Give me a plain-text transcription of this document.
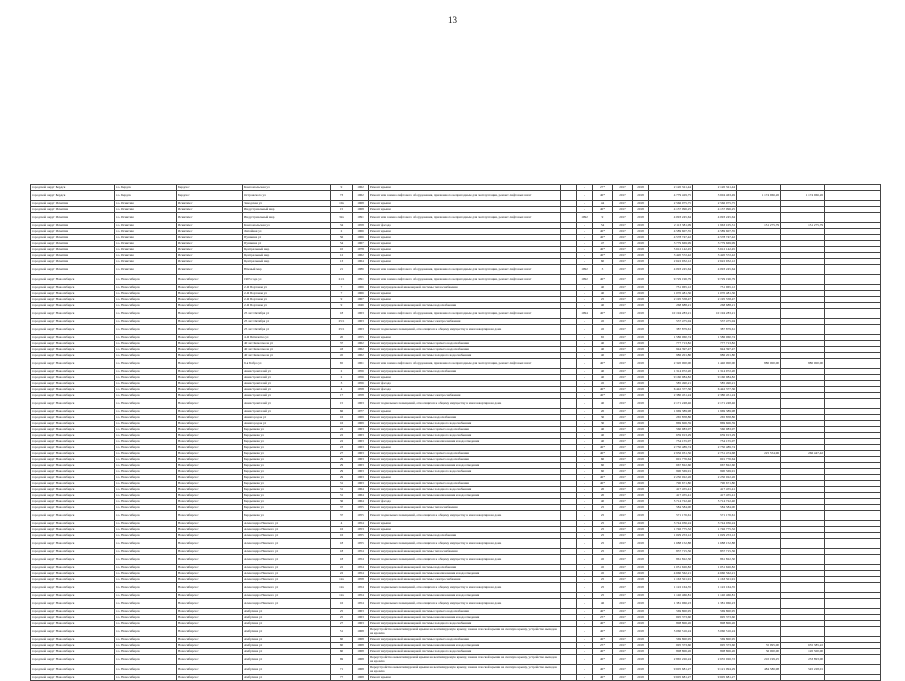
13
городской округ Бердск	г.о. Бердск	Бердск г	Комсомольская ул	9	1962	Ремонт крыши		-	27*	2017	2018	2 120 321,44	2 120 321,44			
городской округ Бердск	г.о. Бердск	Бердск г	Островского ул	73	1962	Ремонт или замена лифтового оборудования, признанного непригодным для эксплуатации, ремонт лифтовых шахт		-	40*	2017	2018	4 779 429,75	3 604 463,49	1 174 966,26	1 174 966,26	
городской округ Искитим	г.о. Искитим	Искитим г	Заводская ул	10a	1968	Ремонт крыши		-	44	2017	2018	2 566 075,75	2 566 075,75			
городской округ Искитим	г.о. Искитим	Искитим г	Индустриальный мкр	15	1968	Ремонт крыши		-	40*	2017	2018	4 137 096,25	4 137 096,25			
городской округ Искитим	г.о. Искитим	Искитим г	Индустриальный мкр	32a	1991	Ремонт или замена лифтового оборудования, признанного непригодным для эксплуатации, ремонт лифтовых шахт		1992	9	2017	2018	4 093 245,64	4 093 245,64			
городской округ Искитим	г.о. Искитим	Искитим г	Комсомольская ул	34	1958	Ремонт фасада		-	54	2017	2018	2 113 381,09	1 963 105,31	151 275,79	151 275,79	
городской округ Искитим	г.о. Искитим	Искитим г	Литейная ул	2	1966	Ремонт крыши		-	40*	2017	2018	4 589 607,35	4 589 607,35			
городской округ Искитим	г.о. Искитим	Искитим г	Пушкина ул	56	1966	Ремонт крыши		-	40*	2017	2018	4 578 747,42	4 578 747,42			
городской округ Искитим	г.о. Искитим	Искитим г	Пушкина ул	54	1967	Ремонт крыши		-	47	2017	2018	3 779 669,99	3 779 669,99			
городской округ Искитим	г.о. Искитим	Искитим г	Центральный мкр	10	1978	Ремонт крыши		-	40*	2017	2018	5 612 142,45	5 612 142,45			
городской округ Искитим	г.о. Искитим	Искитим г	Центральный мкр	12	1962	Ремонт крыши		-	40*	2017	2018	3 420 572,42	3 420 572,42			
городской округ Искитим	г.о. Искитим	Искитим г	Центральный мкр	13	1964	Ремонт крыши		-	60	2017	2018	2 622 932,12	2 622 932,12			
городской округ Искитим	г.о. Искитим	Искитим г	Южный мкр	21	1986	Ремонт или замена лифтового оборудования, признанного непригодным для эксплуатации, ремонт лифтовых шахт		1992	3	2017	2018	4 093 245,64	4 093 245,64			
городской округ Новосибирск	г.о. Новосибирск	Новосибирск г	1905 года ул	21/1	1991	Ремонт или замена лифтового оборудования, признанного непригодным для эксплуатации, ремонт лифтовых шахт		1992	40*	2017	2018	9 729 196,79	9 729 196,79			
городской округ Новосибирск	г.о. Новосибирск	Новосибирск г	2-Я Портовая ул	7	1966	Ремонт внутридомовой инженерной системы теплоснабжения		-	40	2017	2018	751 965,12	751 965,12			
городской округ Новосибирск	г.о. Новосибирск	Новосибирск г	2-Я Портовая ул	7	1966	Ремонт крыши		-	40	2017	2018	1 070 481,36	1 070 481,36			
городской округ Новосибирск	г.о. Новосибирск	Новосибирск г	2-Я Портовая ул	9	1967	Ремонт крыши		-	25	2017	2018	2 195 558,47	2 195 558,47			
городской округ Новосибирск	г.о. Новосибирск	Новосибирск г	2-Я Портовая ул	9	1946	Ремонт внутридомовой инженерной системы водоснабжения		-	40	2017	2018	268 688,21	268 688,21			
городской округ Новосибирск	г.о. Новосибирск	Новосибирск г	25 лет Октября ул	18	1963	Ремонт или замена лифтового оборудования, признанного непригодным для эксплуатации, ремонт лифтовых шахт		1994	40*	2017	2018	10 194 283,21	10 194 283,21			
городской округ Новосибирск	г.о. Новосибирск	Новосибирск г	25 лет Октября ул	25/1	1963	Ремонт внутридомовой инженерной системы электроснабжения		-	45	2017	2018	537 475,04	537 475,04			
городской округ Новосибирск	г.о. Новосибирск	Новосибирск г	25 лет Октября ул	25/1	1963	Ремонт подвальных помещений, относящихся к общему имуществу в многоквартирном доме		-	45	2017	2018	387 879,61	387 879,61			
городской округ Новосибирск	г.о. Новосибирск	Новосибирск г	4-Я Пятилетка ул	20	1955	Ремонт крыши		-	65	2017	2018	1 586 060,74	1 586 060,74			
городской округ Новосибирск	г.о. Новосибирск	Новосибирск г	40 лет Комсомола ул	37	1962	Ремонт внутридомовой инженерной системы горячего водоснабжения		-	40	2017	2018	777 713,82	777 713,82			
городской округ Новосибирск	г.о. Новосибирск	Новосибирск г	40 лет Комсомола ул	43	1962	Ремонт внутридомовой инженерной системы горячего водоснабжения		-	40	2017	2018	944 397,47	944 397,47			
городской округ Новосибирск	г.о. Новосибирск	Новосибирск г	40 лет Комсомола ул	45	1962	Ремонт внутридомовой инженерной системы холодного водоснабжения		-	40	2017	2018	986 201,80	986 201,80			
городской округ Новосибирск	г.о. Новосибирск	Новосибирск г	9-я Бобра ул	65	1961	Ремонт или замена лифтового оборудования, признанного непригодным для эксплуатации, ремонт лифтовых шахт		-	40*	2017	2018	2 320 000,00	1 440 000,00	880 000,00	880 000,00	
городской округ Новосибирск	г.о. Новосибирск	Новосибирск г	Авиастроителей ул	2	1956	Ремонт внутридомовой инженерной системы водоснабжения		-	40	2017	2018	1 314 972,20	1 314 972,20			
городской округ Новосибирск	г.о. Новосибирск	Новосибирск г	Авиастроителей ул	2	1956	Ремонт крыши		-	40	2017	2018	9 160 984,82	9 160 984,82			
городской округ Новосибирск	г.о. Новосибирск	Новосибирск г	Авиастроителей ул	3	1956	Ремонт фасада		-	45	2017	2018	585 490,21	585 490,21			
городской округ Новосибирск	г.о. Новосибирск	Новосибирск г	Авиастроителей ул	4	1958	Ремонт фасада		-	40*	2017	2018	6 442 377,36	6 442 377,36			
городской округ Новосибирск	г.о. Новосибирск	Новосибирск г	Авиастроителей ул	17	1958	Ремонт внутридомовой инженерной системы электроснабжения		-	40*	2017	2018	2 380 451,24	2 380 451,24			
городской округ Новосибирск	г.о. Новосибирск	Новосибирск г	Авиастроителей ул	15	1963	Ремонт подвальных помещений, относящихся к общему имуществу в многоквартирном доме		-	40	2017	2018	2 171 248,46	2 171 248,46			
городской округ Новосибирск	г.о. Новосибирск	Новосибирск г	Авиастроителей ул	66	1977	Ремонт крыши		-	20	2017	2018	1 969 389,98	1 969 389,98			
городской округ Новосибирск	г.о. Новосибирск	Новосибирск г	Авиагородок ул	16	1969	Ремонт внутридомовой инженерной системы водоснабжения		-	30	2017	2018	265 858,86	265 858,86			
городской округ Новосибирск	г.о. Новосибирск	Новосибирск г	Авиагородок ул	16	1969	Ремонт внутридомовой инженерной системы холодного водоснабжения		-	30	2017	2018	869 606,59	869 606,59			
городской округ Новосибирск	г.о. Новосибирск	Новосибирск г	Бердышева ул	22	1963	Ремонт внутридомовой инженерной системы горячего водоснабжения		-	40	2017	2018	560 983,07	560 983,07			
городской округ Новосибирск	г.о. Новосибирск	Новосибирск г	Бердышева ул	22	1963	Ремонт внутридомовой инженерной системы холодного водоснабжения		-	40	2017	2018	659 913,29	659 913,29			
городской округ Новосибирск	г.о. Новосибирск	Новосибирск г	Бердышева ул	22	1963	Ремонт внутридомовой инженерной системы канализования и водоотведения		-	40	2017	2018	754 155,07	754 155,07			
городской округ Новосибирск	г.о. Новосибирск	Новосибирск г	Бердышева ул	23	1963	Ремонт крыши		-	40*	2017	2018	2 750 489,74	2 750 489,74			
городской округ Новосибирск	г.о. Новосибирск	Новосибирск г	Бердышева ул	27	1963	Ремонт внутридомовой инженерной системы горячего водоснабжения		-	40*	2017	2018	2 956 031,56	2 731 474,68	225 554,96	266 447,42	
городской округ Новосибирск	г.о. Новосибирск	Новосибирск г	Бердышева ул	29	1963	Ремонт внутридомовой инженерной системы горячего водоснабжения		-	60	2017	2018	601 776,64	601 776,64			
городской округ Новосибирск	г.о. Новосибирск	Новосибирск г	Бердышева ул	29	1963	Ремонт внутридомовой инженерной системы канализования и водоотведения		-	60	2017	2018	667 822,60	667 822,60			
городской округ Новосибирск	г.о. Новосибирск	Новосибирск г	Бердышева ул	29	1963	Ремонт внутридомовой инженерной системы холодного водоснабжения		-	60	2017	2018	990 569,91	990 569,91			
городской округ Новосибирск	г.о. Новосибирск	Новосибирск г	Бердышева ул	29	1963	Ремонт крыши		-	40*	2017	2018	2 250 022,26	2 250 022,26			
городской округ Новосибирск	г.о. Новосибирск	Новосибирск г	Бердышева ул	31	1963	Ремонт внутридомовой инженерной системы горячего водоснабжения		-	40*	2017	2018	790 671,80	790 671,80			
городской округ Новосибирск	г.о. Новосибирск	Новосибирск г	Бердышева ул	31	1964	Ремонт внутридомовой инженерной системы холодного водоснабжения		-	20	2017	2018	417 455,41	417 455,41			
городской округ Новосибирск	г.о. Новосибирск	Новосибирск г	Бердышева ул	31	1964	Ремонт внутридомовой инженерной системы канализования и водоотведения		-	20	2017	2018	417 455,41	417 455,41			
городской округ Новосибирск	г.о. Новосибирск	Новосибирск г	Бердышева ул	36	1964	Ремонт фасада		-	40	2017	2018	5 714 722,40	5 714 722,40			
городской округ Новосибирск	г.о. Новосибирск	Новосибирск г	Бердышева ул	37	1955	Ремонт внутридомовой инженерной системы теплоснабжения		-	25	2017	2018	584 584,00	584 584,00			
городской округ Новосибирск	г.о. Новосибирск	Новосибирск г	Бердышева ул	37	1955	Ремонт подвальных помещений, относящихся к общему имуществу в многоквартирном доме		-	25	2017	2018	571 176,61	571 176,61			
городской округ Новосибирск	г.о. Новосибирск	Новосибирск г	Александра Невского ул	4	1954	Ремонт крыши		-	25	2017	2018	3 744 036,24	3 744 036,24			
городской округ Новосибирск	г.о. Новосибирск	Новосибирск г	Александра Невского ул	16	1953	Ремонт крыши		-	25	2017	2018	1 746 775,32	1 746 775,32			
городской округ Новосибирск	г.о. Новосибирск	Новосибирск г	Александра Невского ул	16	1955	Ремонт внутридомовой инженерной системы водоснабжения		-	25	2017	2018	1 029 253,12	1 029 253,12			
городской округ Новосибирск	г.о. Новосибирск	Новосибирск г	Александра Невского ул	18	1955	Ремонт подвальных помещений, относящихся к общему имуществу в многоквартирном доме		-	25	2017	2018	1 688 152,88	1 688 152,88			
городской округ Новосибирск	г.о. Новосибирск	Новосибирск г	Александра Невского ул	18	1954	Ремонт внутридомовой инженерной системы теплоснабжения		-	25	2017	2018	837 715,56	837 715,56			
городской округ Новосибирск	г.о. Новосибирск	Новосибирск г	Александра Невского ул	18	1954	Ремонт подвальных помещений, относящихся к общему имуществу в многоквартирном доме		-	45	2017	2018	861 822,50	861 822,50			
городской округ Новосибирск	г.о. Новосибирск	Новосибирск г	Александра Невского ул	22	1954	Ремонт внутридомовой инженерной системы водоснабжения		-	45	2017	2018	1 051 626,82	1 051 626,82			
городской округ Новосибирск	г.о. Новосибирск	Новосибирск г	Александра Невского ул	22	1954	Ремонт внутридомовой инженерной системы канализования и водоотведения		-	45	2017	2018	4 660 562,21	4 660 562,21			
городской округ Новосибирск	г.о. Новосибирск	Новосибирск г	Александра Невского ул	12a	1958	Ремонт внутридомовой инженерной системы электроснабжения		-	25	2017	2018	1 163 501,91	1 163 501,91			
городской округ Новосибирск	г.о. Новосибирск	Новосибирск г	Александра Невского ул	12a	1954	Ремонт подвальных помещений, относящихся к общему имуществу в многоквартирном доме		-	25	2017	2018	1 122 164,35	1 122 164,35			
городской округ Новосибирск	г.о. Новосибирск	Новосибирск г	Александра Невского ул	12a	1954	Ремонт внутридомовой инженерной системы канализования и водоотведения		-	25	2017	2018	1 140 466,81	1 140 466,81			
городской округ Новосибирск	г.о. Новосибирск	Новосибирск г	Александра Невского ул	16	1954	Ремонт подвальных помещений, относящихся к общему имуществу в многоквартирном доме		-	46	2017	2018	1 381 966,23	1 381 966,23			
городской округ Новосибирск	г.о. Новосибирск	Новосибирск г	Амбулина ул	25	1963	Ремонт внутридомовой инженерной системы горячего водоснабжения		-	40*	2017	2018	569 800,95	569 800,95			
городской округ Новосибирск	г.о. Новосибирск	Новосибирск г	Амбулина ул	25	1963	Ремонт внутридомовой инженерной системы канализования и водоотведения		-	25*	2017	2018	695 373,60	695 373,60			
городской округ Новосибирск	г.о. Новосибирск	Новосибирск г	Амбулина ул	27	1963	Ремонт внутридомовой инженерной системы холодного водоснабжения		-	40*	2017	2018	808 806,26	808 806,26			
городской округ Новосибирск	г.о. Новосибирск	Новосибирск г	Амбулина ул	51	1968	Переустройство невентилируемой крыши на вентилируемую крышу, замена плоской крыши на скатную крышу, устройство выходов на кровлю		-	40*	2017	2018	5 060 516,24	5 060 516,24			
городской округ Новосибирск	г.о. Новосибирск	Новосибирск г	Амбулина ул	60	1968	Ремонт внутридомовой инженерной системы горячего водоснабжения		-	40*	2017	2018	569 800,95	569 800,95			
городской округ Новосибирск	г.о. Новосибирск	Новосибирск г	Амбулина ул	60	1968	Ремонт внутридомовой инженерной системы канализования и водоотведения		-	25*	2017	2018	695 373,60	695 373,60	55 995,00	655 385,22	
городской округ Новосибирск	г.о. Новосибирск	Новосибирск г	Амбулина ул	60	1968	Ремонт внутридомовой инженерной системы холодного водоснабжения		-	40*	2017	2018	808 806,26	808 806,26	56 000,00	120 500,00	
городской округ Новосибирск	г.о. Новосибирск	Новосибирск г	Амбулина ул	69	1968	Переустройство невентилируемой крыши на вентилируемую крышу, замена плоской крыши на скатную крышу, устройство выходов на кровлю		-	40*	2017	2018	2 865 226,24	2 655 026,72	210 199,25	233 893,00	
городской округ Новосибирск	г.о. Новосибирск	Новосибирск г	Амбулина ул	71	1968	Переустройство невентилируемой крыши на вентилируемую крышу, замена плоской крыши на скатную крышу, устройство выходов на кровлю		-	40*	2017	2018	9 605 681,27	9 121 094,29	484 586,98	545 228,01	
городской округ Новосибирск	г.о. Новосибирск	Новосибирск г	Амбулина ул	77	1968	Ремонт крыши		-	40*	2017	2018	9 605 681,27	9 605 681,27			
